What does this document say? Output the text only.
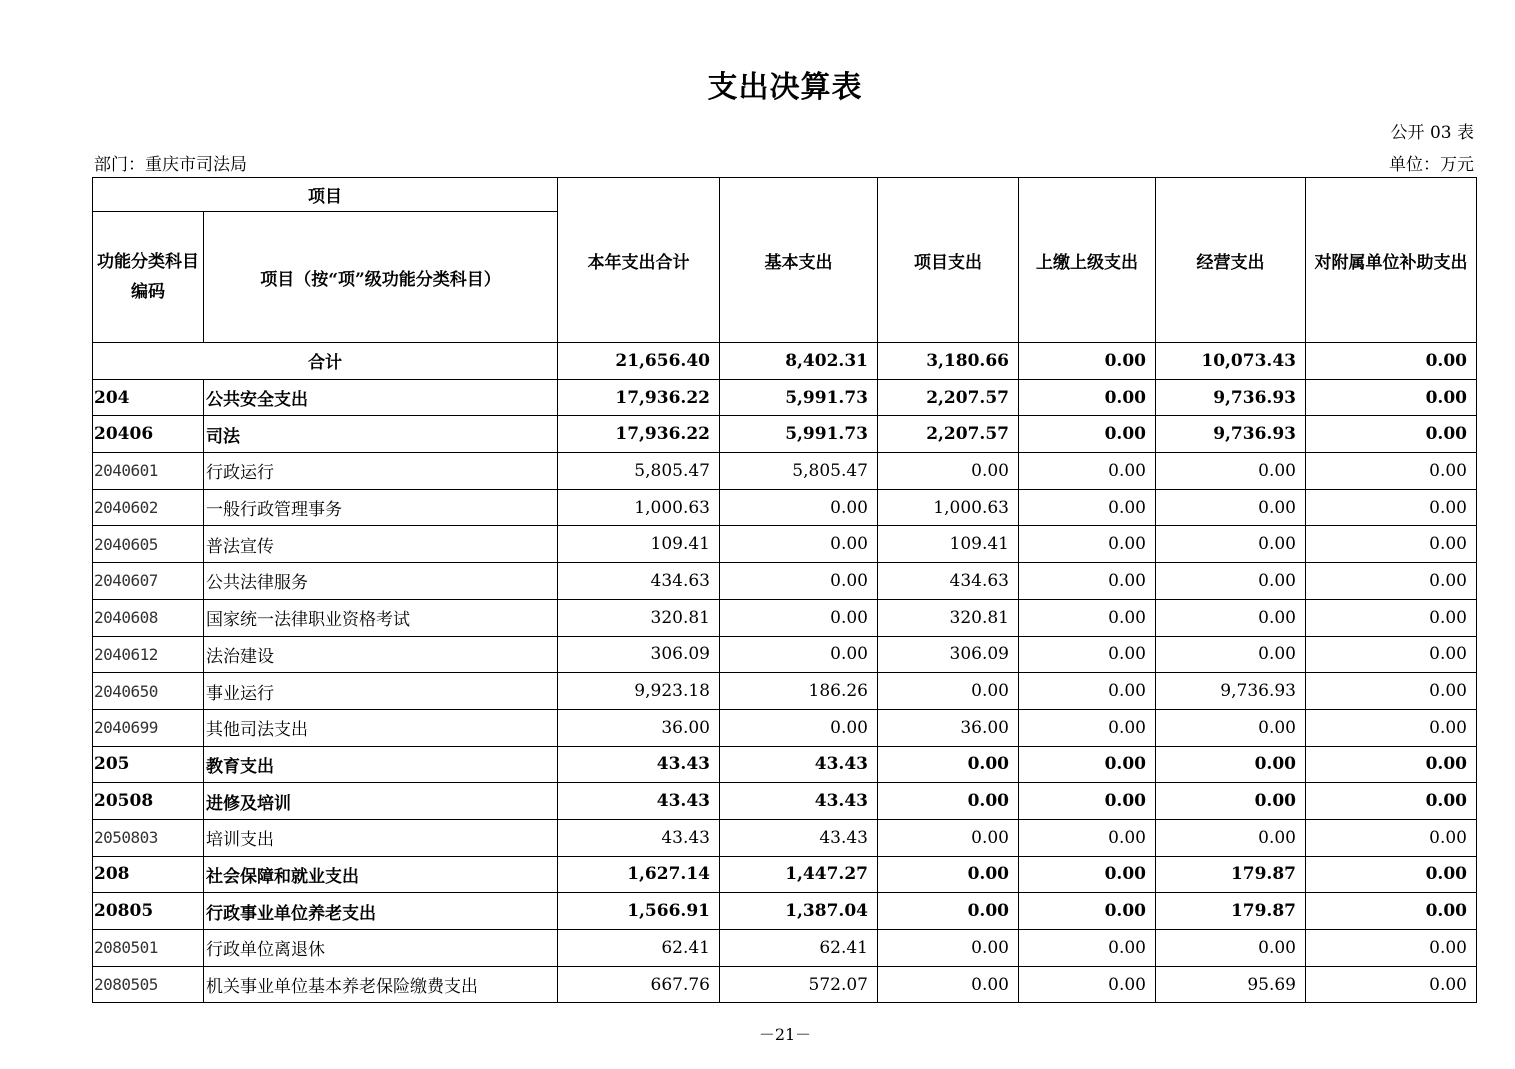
支出决算表
公开 03 表
部门：重庆市司法局	单位：万元
项目		本年支出合计	基本支出	项目支出	上缴上级支出	经营支出	对附属单位补助支出
功能分类科目编码	项目（按“项”级功能分类科目）						
合计		21,656.40	8,402.31	3,180.66	0.00	10,073.43	0.00
204	公共安全支出	17,936.22	5,991.73	2,207.57	0.00	9,736.93	0.00
20406	司法	17,936.22	5,991.73	2,207.57	0.00	9,736.93	0.00
2040601	行政运行	5,805.47	5,805.47	0.00	0.00	0.00	0.00
2040602	一般行政管理事务	1,000.63	0.00	1,000.63	0.00	0.00	0.00
2040605	普法宣传	109.41	0.00	109.41	0.00	0.00	0.00
2040607	公共法律服务	434.63	0.00	434.63	0.00	0.00	0.00
2040608	国家统一法律职业资格考试	320.81	0.00	320.81	0.00	0.00	0.00
2040612	法治建设	306.09	0.00	306.09	0.00	0.00	0.00
2040650	事业运行	9,923.18	186.26	0.00	0.00	9,736.93	0.00
2040699	其他司法支出	36.00	0.00	36.00	0.00	0.00	0.00
205	教育支出	43.43	43.43	0.00	0.00	0.00	0.00
20508	进修及培训	43.43	43.43	0.00	0.00	0.00	0.00
2050803	培训支出	43.43	43.43	0.00	0.00	0.00	0.00
208	社会保障和就业支出	1,627.14	1,447.27	0.00	0.00	179.87	0.00
20805	行政事业单位养老支出	1,566.91	1,387.04	0.00	0.00	179.87	0.00
2080501	行政单位离退休	62.41	62.41	0.00	0.00	0.00	0.00
2080505	机关事业单位基本养老保险缴费支出	667.76	572.07	0.00	0.00	95.69	0.00
－21－
